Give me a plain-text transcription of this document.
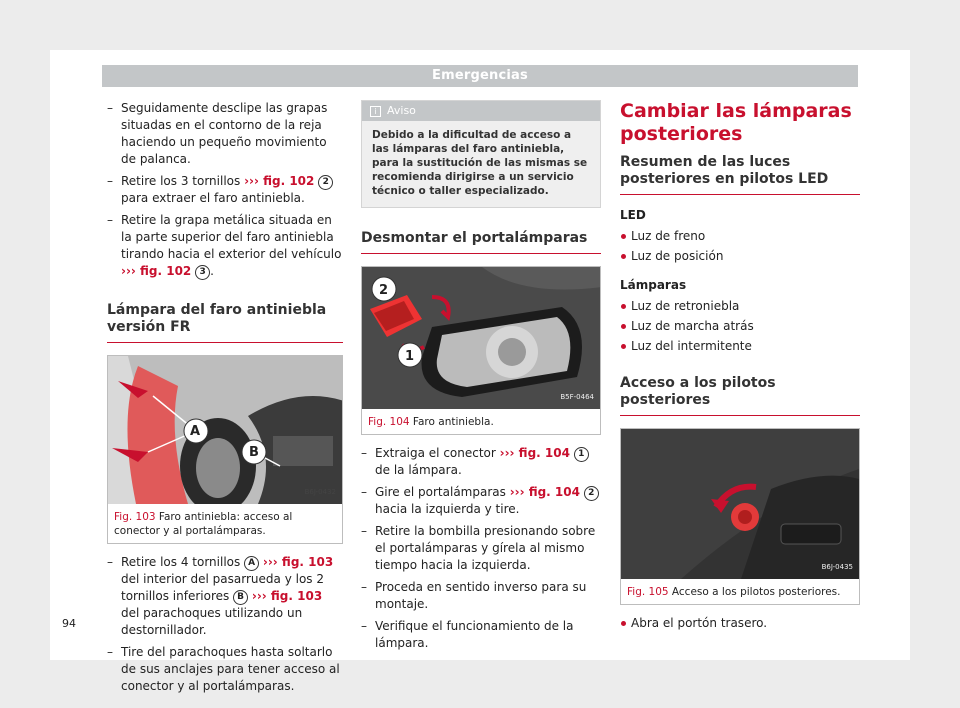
Emergencias
– Seguidamente desclipe las grapas situadas en el contorno de la reja haciendo un pequeño movimiento de palanca.
– Retire los 3 tornillos ››› fig. 102 2 para extraer el faro antiniebla.
– Retire la grapa metálica situada en la parte superior del faro antiniebla tirando hacia el exterior del vehículo ››› fig. 102 3 .
Lámpara del faro antiniebla versión FR
A
B
B6J-0432
Fig. 103 Faro antiniebla: acceso al conector y al portalámparas.
– Retire los 4 tornillos A ››› fig. 103 del interior del pasarrueda y los 2 tornillos inferiores B ››› fig. 103 del parachoques utilizando un destornillador.
– Tire del parachoques hasta soltarlo de sus anclajes para tener acceso al conector y al portalámparas.
i Aviso
Debido a la dificultad de acceso a las lámparas del faro antiniebla, para la sustitución de las mismas se recomienda dirigirse a un servicio técnico o taller especializado.
Desmontar el portalámparas
2
1
B5F-0464
Fig. 104 Faro antiniebla.
– Extraiga el conector ››› fig. 104 1 de la lámpara.
– Gire el portalámparas ››› fig. 104 2 hacia la izquierda y tire.
– Retire la bombilla presionando sobre el portalámparas y gírela al mismo tiempo hacia la izquierda.
– Proceda en sentido inverso para su montaje.
– Verifique el funcionamiento de la lámpara.
Cambiar las lámparas posteriores
Resumen de las luces posteriores en pilotos LED
LED
Luz de freno
Luz de posición
Lámparas
Luz de retroniebla
Luz de marcha atrás
Luz del intermitente
Acceso a los pilotos posteriores
B6J-0435
Fig. 105 Acceso a los pilotos posteriores.
Abra el portón trasero.
94
